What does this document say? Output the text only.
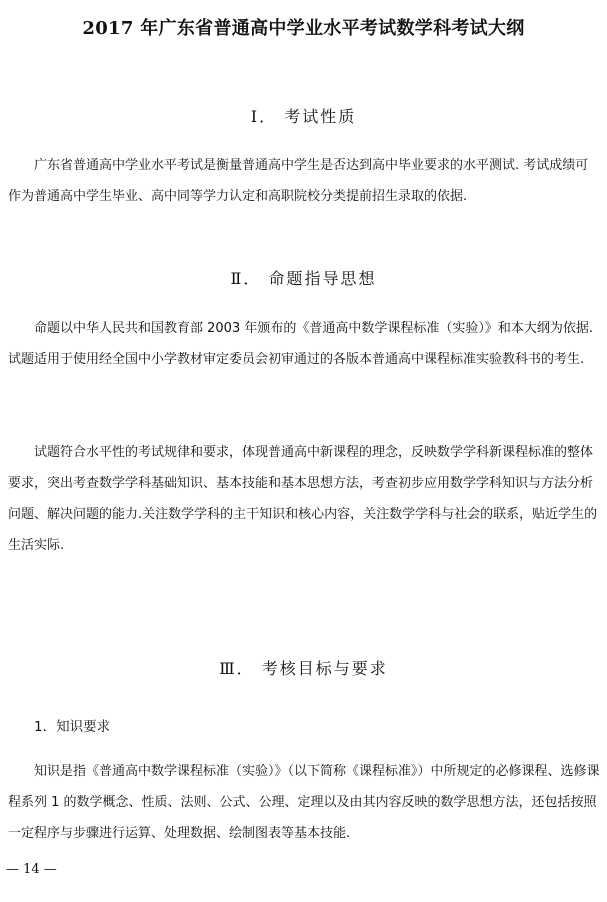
2017 年广东省普通高中学业水平考试数学科考试大纲
Ⅰ． 考试性质
广东省普通高中学业水平考试是衡量普通高中学生是否达到高中毕业要求的水平测试. 考试成绩可作为普通高中学生毕业、高中同等学力认定和高职院校分类提前招生录取的依据.
Ⅱ． 命题指导思想
命题以中华人民共和国教育部 2003 年颁布的《普通高中数学课程标准（实验）》和本大纲为依据.试题适用于使用经全国中小学教材审定委员会初审通过的各版本普通高中课程标准实验教科书的考生.
试题符合水平性的考试规律和要求，体现普通高中新课程的理念，反映数学学科新课程标准的整体要求，突出考查数学学科基础知识、基本技能和基本思想方法，考查初步应用数学学科知识与方法分析问题、解决问题的能力.关注数学学科的主干知识和核心内容，关注数学学科与社会的联系，贴近学生的生活实际.
Ⅲ． 考核目标与要求
1．知识要求
知识是指《普通高中数学课程标准（实验）》（以下简称《课程标准》）中所规定的必修课程、选修课程系列 1 的数学概念、性质、法则、公式、公理、定理以及由其内容反映的数学思想方法，还包括按照一定程序与步骤进行运算、处理数据、绘制图表等基本技能.
— 14 —
